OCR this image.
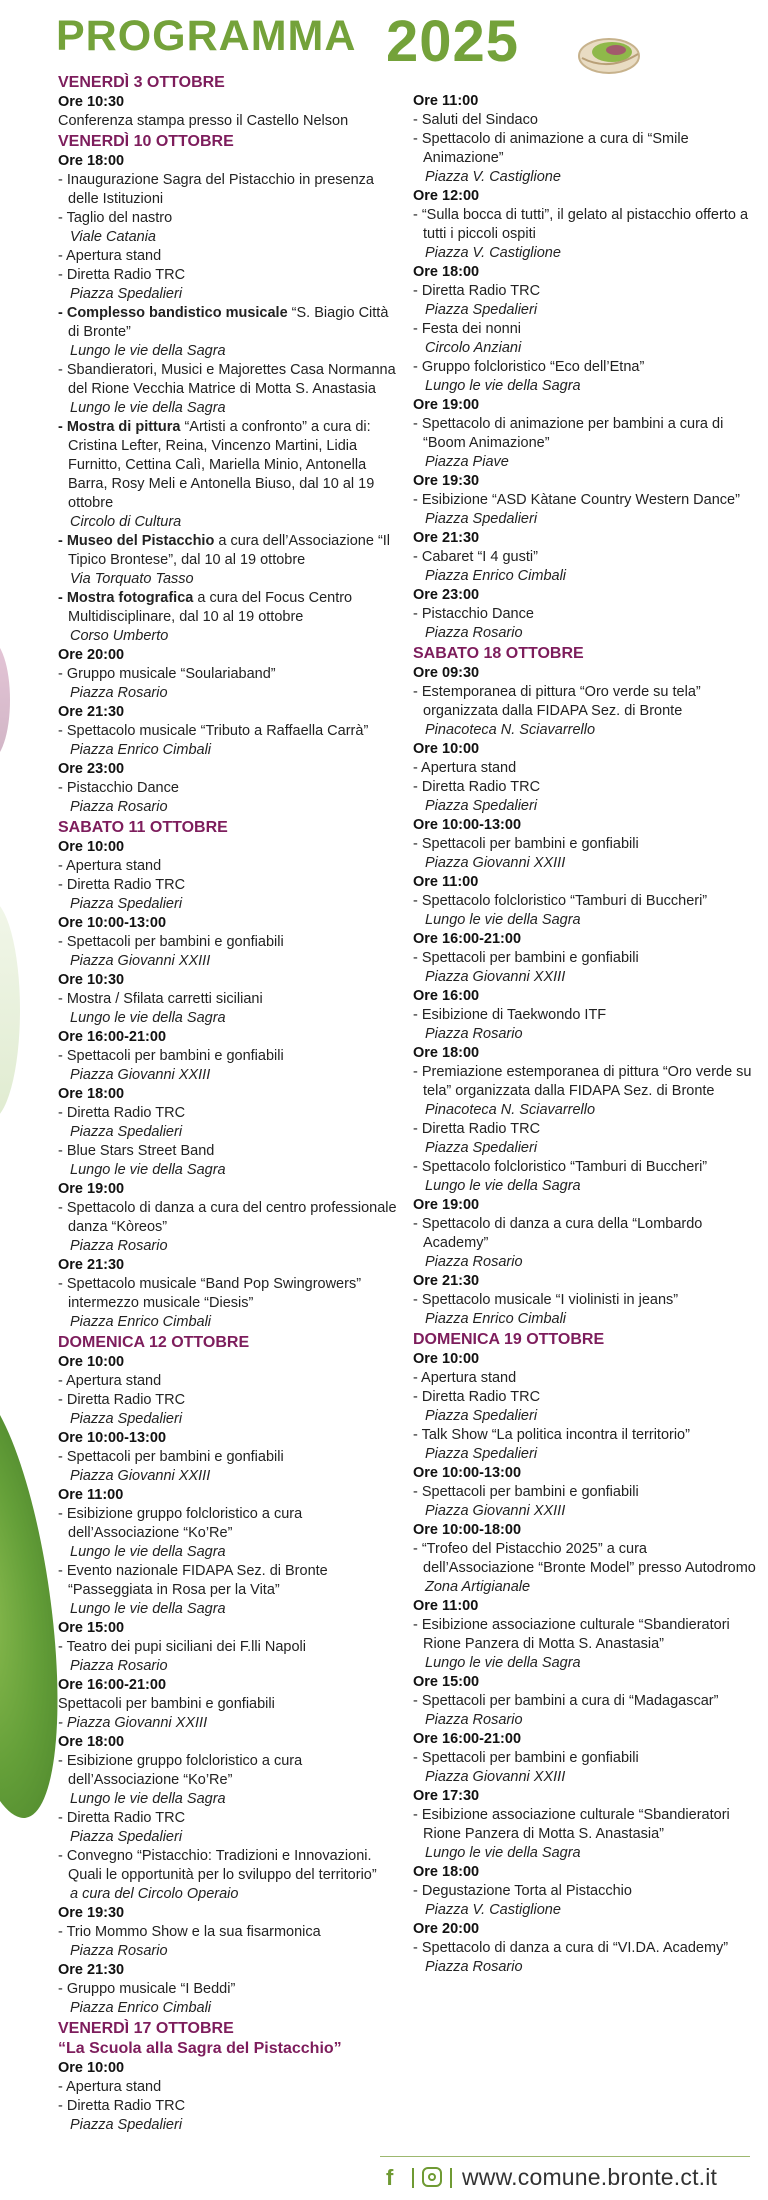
PROGRAMMA 2025
VENERDÌ 3 OTTOBRE
Ore 10:30
Conferenza stampa presso il Castello Nelson
VENERDÌ 10 OTTOBRE
Ore 18:00
- Inaugurazione Sagra del Pistacchio in presenza delle Istituzioni
- Taglio del nastro
Viale Catania
- Apertura stand
- Diretta Radio TRC
Piazza Spedalieri
- Complesso bandistico musicale “S. Biagio Città di Bronte”
Lungo le vie della Sagra
- Sbandieratori, Musici e Majorettes Casa Normanna del Rione Vecchia Matrice di Motta S. Anastasia
Lungo le vie della Sagra
- Mostra di pittura “Artisti a confronto” a cura di: Cristina Lefter, Reina, Vincenzo Martini, Lidia Furnitto, Cettina Calì, Mariella Minio, Antonella Barra, Rosy Meli e Antonella Biuso, dal 10 al 19 ottobre
Circolo di Cultura
- Museo del Pistacchio a cura dell’Associazione “Il Tipico Brontese”, dal 10 al 19 ottobre
Via Torquato Tasso
- Mostra fotografica a cura del Focus Centro Multidisciplinare, dal 10 al 19 ottobre
Corso Umberto
Ore 20:00
- Gruppo musicale “Soulariaband”
Piazza Rosario
Ore 21:30
- Spettacolo musicale “Tributo a Raffaella Carrà”
Piazza Enrico Cimbali
Ore 23:00
- Pistacchio Dance
Piazza Rosario
SABATO 11 OTTOBRE
Ore 10:00
- Apertura stand
- Diretta Radio TRC
Piazza Spedalieri
Ore 10:00-13:00
- Spettacoli per bambini e gonfiabili
Piazza Giovanni XXIII
Ore 10:30
- Mostra / Sfilata carretti siciliani
Lungo le vie della Sagra
Ore 16:00-21:00
- Spettacoli per bambini e gonfiabili
Piazza Giovanni XXIII
Ore 18:00
- Diretta Radio TRC
Piazza Spedalieri
- Blue Stars Street Band
Lungo le vie della Sagra
Ore 19:00
- Spettacolo di danza a cura del centro professionale danza “Kòreos”
Piazza Rosario
Ore 21:30
- Spettacolo musicale “Band Pop Swingrowers” intermezzo musicale “Diesis”
Piazza Enrico Cimbali
DOMENICA 12 OTTOBRE
Ore 10:00
- Apertura stand
- Diretta Radio TRC
Piazza Spedalieri
Ore 10:00-13:00
- Spettacoli per bambini e gonfiabili
Piazza Giovanni XXIII
Ore 11:00
- Esibizione gruppo folcloristico a cura dell’Associazione “Ko’Re”
Lungo le vie della Sagra
- Evento nazionale FIDAPA Sez. di Bronte “Passeggiata in Rosa per la Vita”
Lungo le vie della Sagra
Ore 15:00
- Teatro dei pupi siciliani dei F.lli Napoli
Piazza Rosario
Ore 16:00-21:00
Spettacoli per bambini e gonfiabili
- Piazza Giovanni XXIII
Ore 18:00
- Esibizione gruppo folcloristico a cura dell’Associazione “Ko’Re”
Lungo le vie della Sagra
- Diretta Radio TRC
Piazza Spedalieri
- Convegno “Pistacchio: Tradizioni e Innovazioni. Quali le opportunità per lo sviluppo del territorio”
a cura del Circolo Operaio
Ore 19:30
- Trio Mommo Show e la sua fisarmonica
Piazza Rosario
Ore 21:30
- Gruppo musicale “I Beddi”
Piazza Enrico Cimbali
VENERDÌ 17 OTTOBRE
“La Scuola alla Sagra del Pistacchio”
Ore 10:00
- Apertura stand
- Diretta Radio TRC
Piazza Spedalieri
Ore 11:00
- Saluti del Sindaco
- Spettacolo di animazione a cura di “Smile Animazione”
Piazza V. Castiglione
Ore 12:00
- “Sulla bocca di tutti”, il gelato al pistacchio offerto a tutti i piccoli ospiti
Piazza V. Castiglione
Ore 18:00
- Diretta Radio TRC
Piazza Spedalieri
- Festa dei nonni
Circolo Anziani
- Gruppo folcloristico “Eco dell’Etna”
Lungo le vie della Sagra
Ore 19:00
- Spettacolo di animazione per bambini a cura di “Boom Animazione”
Piazza Piave
Ore 19:30
- Esibizione “ASD Kàtane Country Western Dance”
Piazza Spedalieri
Ore 21:30
- Cabaret “I 4 gusti”
Piazza Enrico Cimbali
Ore 23:00
- Pistacchio Dance
Piazza Rosario
SABATO 18 OTTOBRE
Ore 09:30
- Estemporanea di pittura “Oro verde su tela” organizzata dalla FIDAPA Sez. di Bronte
Pinacoteca N. Sciavarrello
Ore 10:00
- Apertura stand
- Diretta Radio TRC
Piazza Spedalieri
Ore 10:00-13:00
- Spettacoli per bambini e gonfiabili
Piazza Giovanni XXIII
Ore 11:00
- Spettacolo folcloristico “Tamburi di Buccheri”
Lungo le vie della Sagra
Ore 16:00-21:00
- Spettacoli per bambini e gonfiabili
Piazza Giovanni XXIII
Ore 16:00
- Esibizione di Taekwondo ITF
Piazza Rosario
Ore 18:00
- Premiazione estemporanea di pittura “Oro verde su tela” organizzata dalla FIDAPA Sez. di Bronte
Pinacoteca N. Sciavarrello
- Diretta Radio TRC
Piazza Spedalieri
- Spettacolo folcloristico “Tamburi di Buccheri”
Lungo le vie della Sagra
Ore 19:00
- Spettacolo di danza a cura della “Lombardo Academy”
Piazza Rosario
Ore 21:30
- Spettacolo musicale “I violinisti in jeans”
Piazza Enrico Cimbali
DOMENICA 19 OTTOBRE
Ore 10:00
- Apertura stand
- Diretta Radio TRC
Piazza Spedalieri
- Talk Show “La politica incontra il territorio”
Piazza Spedalieri
Ore 10:00-13:00
- Spettacoli per bambini e gonfiabili
Piazza Giovanni XXIII
Ore 10:00-18:00
- “Trofeo del Pistacchio 2025” a cura dell’Associazione “Bronte Model” presso Autodromo
Zona Artigianale
Ore 11:00
- Esibizione associazione culturale “Sbandieratori Rione Panzera di Motta S. Anastasia”
Lungo le vie della Sagra
Ore 15:00
- Spettacoli per bambini a cura di “Madagascar”
Piazza Rosario
Ore 16:00-21:00
- Spettacoli per bambini e gonfiabili
Piazza Giovanni XXIII
Ore 17:30
- Esibizione associazione culturale “Sbandieratori Rione Panzera di Motta S. Anastasia”
Lungo le vie della Sagra
Ore 18:00
- Degustazione Torta al Pistacchio
Piazza V. Castiglione
Ore 20:00
- Spettacolo di danza a cura di “VI.DA. Academy”
Piazza Rosario
f	www.comune.bronte.ct.it
